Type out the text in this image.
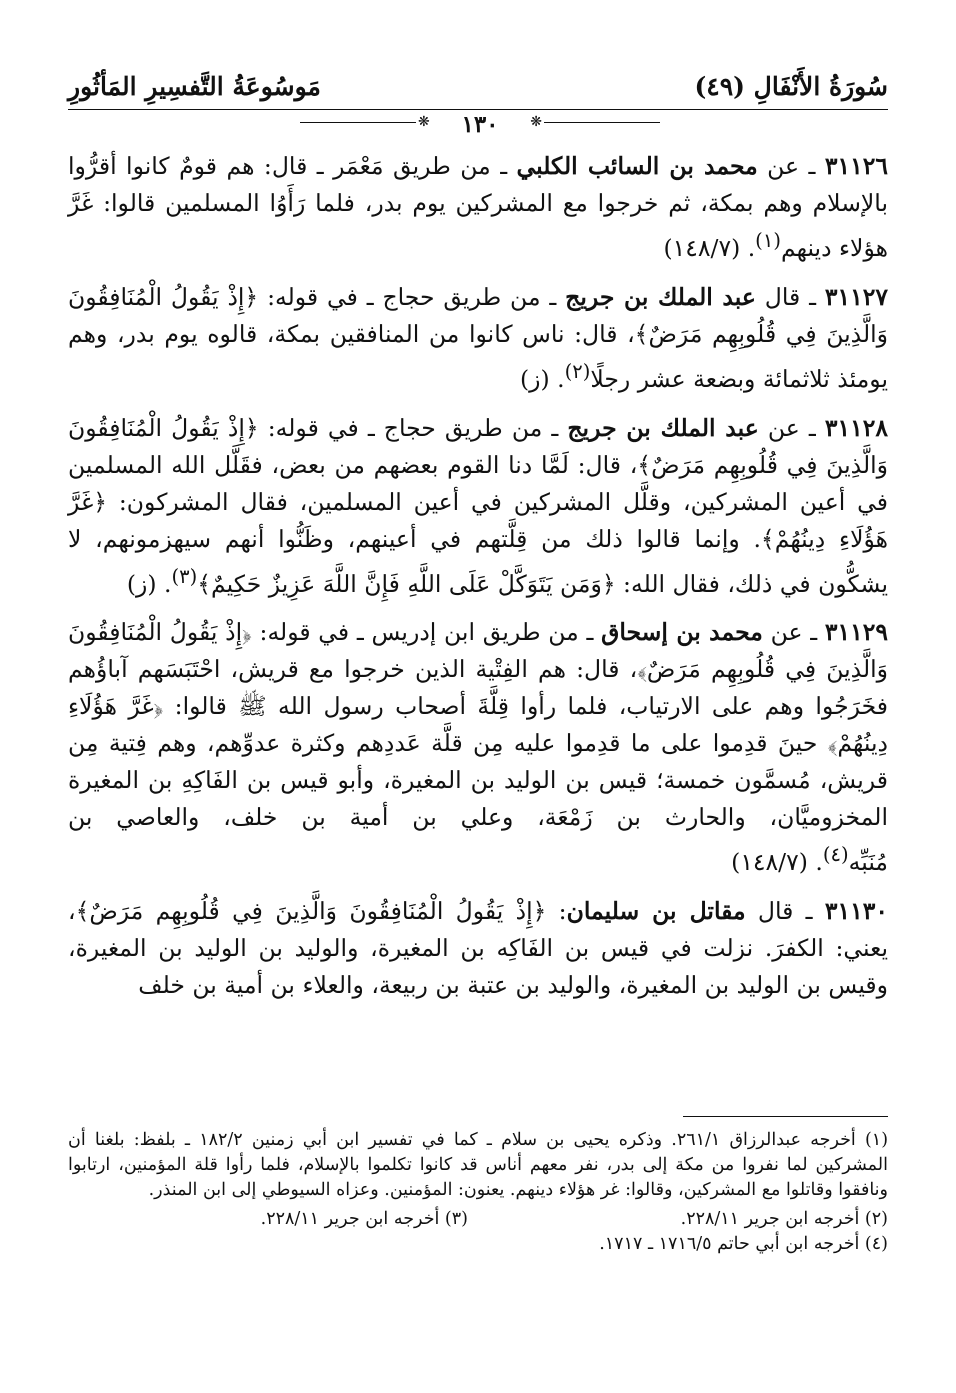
سُورَةُ الأَنْفَالِ (٤٩)
مَوسُوعَةُ التَّفسِيرِ المَأثُورِ
❋	١٣٠	❋

٣١١٢٦ ـ عن محمد بن السائب الكلبي ـ من طريق مَعْمَر ـ قال: هم قومٌ كانوا أقرُّوا بالإسلام وهم بمكة، ثم خرجوا مع المشركين يوم بدر، فلما رَأَوُا المسلمين قالوا: غَرَّ هؤلاء دينهم$^{(١)}$. (١٤٨/٧)

٣١١٢٧ ـ قال عبد الملك بن جريج ـ من طريق حجاج ـ في قوله: ﴿إِذْ يَقُولُ الْمُنَافِقُونَ وَالَّذِينَ فِي قُلُوبِهِم مَرَضٌ﴾، قال: ناس كانوا من المنافقين بمكة، قالوه يوم بدر، وهم يومئذ ثلاثمائة وبضعة عشر رجلًا$^{(٢)}$. (ز)

٣١١٢٨ ـ عن عبد الملك بن جريج ـ من طريق حجاج ـ في قوله: ﴿إِذْ يَقُولُ الْمُنَافِقُونَ وَالَّذِينَ فِي قُلُوبِهِم مَرَضٌ﴾، قال: لَمَّا دنا القوم بعضهم من بعض، فقَلَّل الله المسلمين في أعين المشركين، وقلَّل المشركين في أعين المسلمين، فقال المشركون: ﴿غَرَّ هَؤُلَاءِ دِينُهُمْ﴾. وإنما قالوا ذلك من قِلَّتهم في أعينهم، وظَنُّوا أنهم سيهزمونهم، لا يشكُّون في ذلك، فقال الله: ﴿وَمَن يَتَوَكَّلْ عَلَى اللَّهِ فَإِنَّ اللَّهَ عَزِيزٌ حَكِيمٌ﴾$^{(٣)}$. (ز)

٣١١٢٩ ـ عن محمد بن إسحاق ـ من طريق ابن إدريس ـ في قوله: ﴿إِذْ يَقُولُ الْمُنَافِقُونَ وَالَّذِينَ فِي قُلُوبِهِم مَرَضٌ﴾، قال: هم الفِتْية الذين خرجوا مع قريش، احْتَبَسَهم آباؤُهم فخَرَجُوا وهم على الارتياب، فلما رأوا قِلَّةَ أصحاب رسول الله ﷺ قالوا: ﴿غَرَّ هَؤُلَاءِ دِينُهُمْ﴾ حينَ قدِموا على ما قدِموا عليه مِن قلَّة عَددِهم وكثرة عدوِّهم، وهم فِتية مِن قريش، مُسمَّون خمسة؛ قيس بن الوليد بن المغيرة، وأبو قيس بن الفَاكِهِ بن المغيرة المخزوميَّان، والحارث بن زَمْعَة، وعلي بن أمية بن خلف، والعاصي بن مُنَبِّه$^{(٤)}$. (١٤٨/٧)

٣١١٣٠ ـ قال مقاتل بن سليمان: ﴿إِذْ يَقُولُ الْمُنَافِقُونَ وَالَّذِينَ فِي قُلُوبِهِم مَرَضٌ﴾، يعني: الكفرَ. نزلت في قيس بن الفَاكِه بن المغيرة، والوليد بن الوليد بن المغيرة، وقيس بن الوليد بن المغيرة، والوليد بن عتبة بن ربيعة، والعلاء بن أمية بن خلف

(١) أخرجه عبدالرزاق ٢٦١/١. وذكره يحيى بن سلام ـ كما في تفسير ابن أبي زمنين ١٨٢/٢ ـ بلفظ: بلغنا أن المشركين لما نفروا من مكة إلى بدر، نفر معهم أناس قد كانوا تكلموا بالإسلام، فلما رأوا قلة المؤمنين، ارتابوا ونافقوا وقاتلوا مع المشركين، وقالوا: غر هؤلاء دينهم. يعنون: المؤمنين. وعزاه السيوطي إلى ابن المنذر.

(٢) أخرجه ابن جرير ٢٢٨/١١.
(٣) أخرجه ابن جرير ٢٢٨/١١.

(٤) أخرجه ابن أبي حاتم ١٧١٦/٥ ـ ١٧١٧.
